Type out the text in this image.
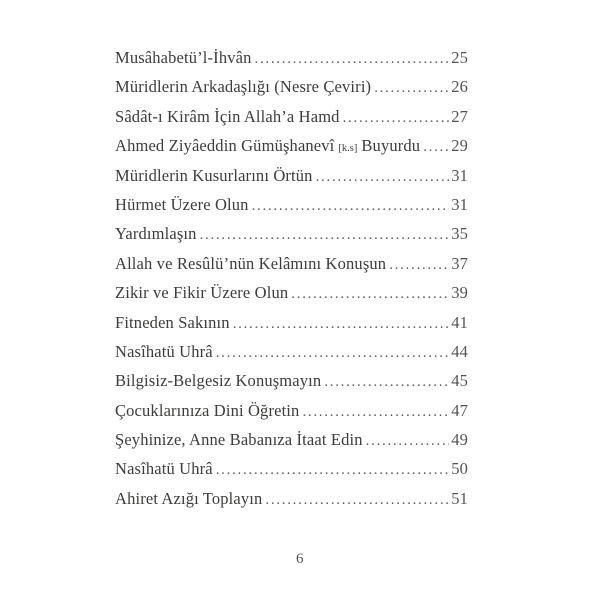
Musâhabetü’l-İhvân .....	25
Müridlerin Arkadaşlığı (Nesre Çeviri) .....	26
Sâdât-ı Kirâm İçin Allah’a Hamd .....	27
Ahmed Ziyâeddin Gümüşhanevî [k.s] Buyurdu ..... 29
Müridlerin Kusurlarını Örtün .....	31
Hürmet Üzere Olun .....	31
Yardımlaşın .....	35
Allah ve Resûlü’nün Kelâmını Konuşun .....	37
Zikir ve Fikir Üzere Olun .....	39
Fitneden Sakının .....	41
Nasîhatü Uhrâ .....	44
Bilgisiz-Belgesiz Konuşmayın .....	45
Çocuklarınıza Dini Öğretin .....	47
Şeyhinize, Anne Babanıza İtaat Edin .....	49
Nasîhatü Uhrâ .....	50
Ahiret Azığı Toplayın .....	51
6
